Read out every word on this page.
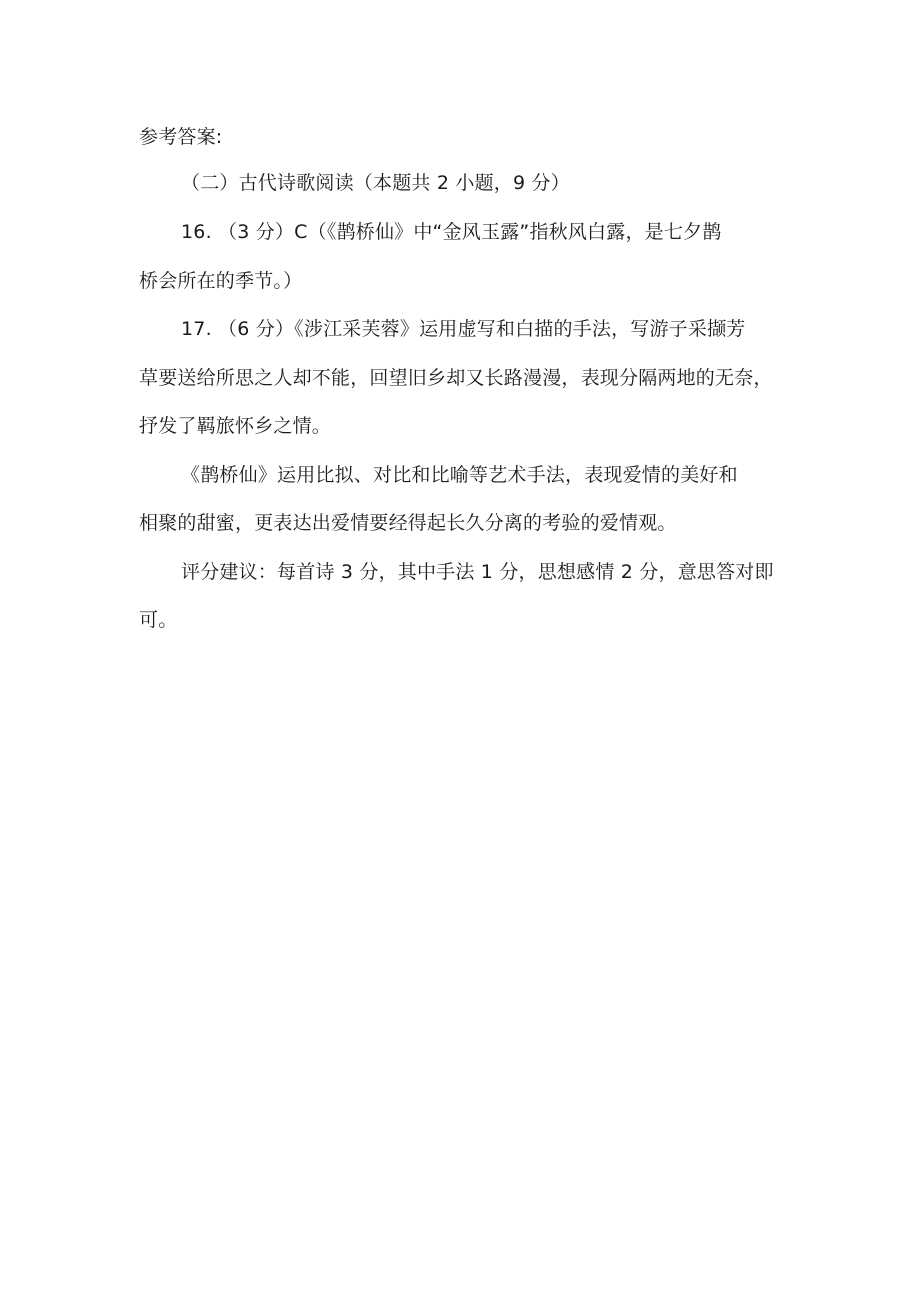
参考答案:
（二）古代诗歌阅读（本题共 2 小题，9 分）
16. （3 分）C（《鹊桥仙》中“金风玉露”指秋风白露，是七夕鹊
桥会所在的季节。）
17. （6 分）《涉江采芙蓉》运用虚写和白描的手法，写游子采撷芳
草要送给所思之人却不能，回望旧乡却又长路漫漫，表现分隔两地的无奈，
抒发了羁旅怀乡之情。
《鹊桥仙》运用比拟、对比和比喻等艺术手法，表现爱情的美好和
相聚的甜蜜，更表达出爱情要经得起长久分离的考验的爱情观。
评分建议：每首诗 3 分，其中手法 1 分，思想感情 2 分，意思答对即
可。
